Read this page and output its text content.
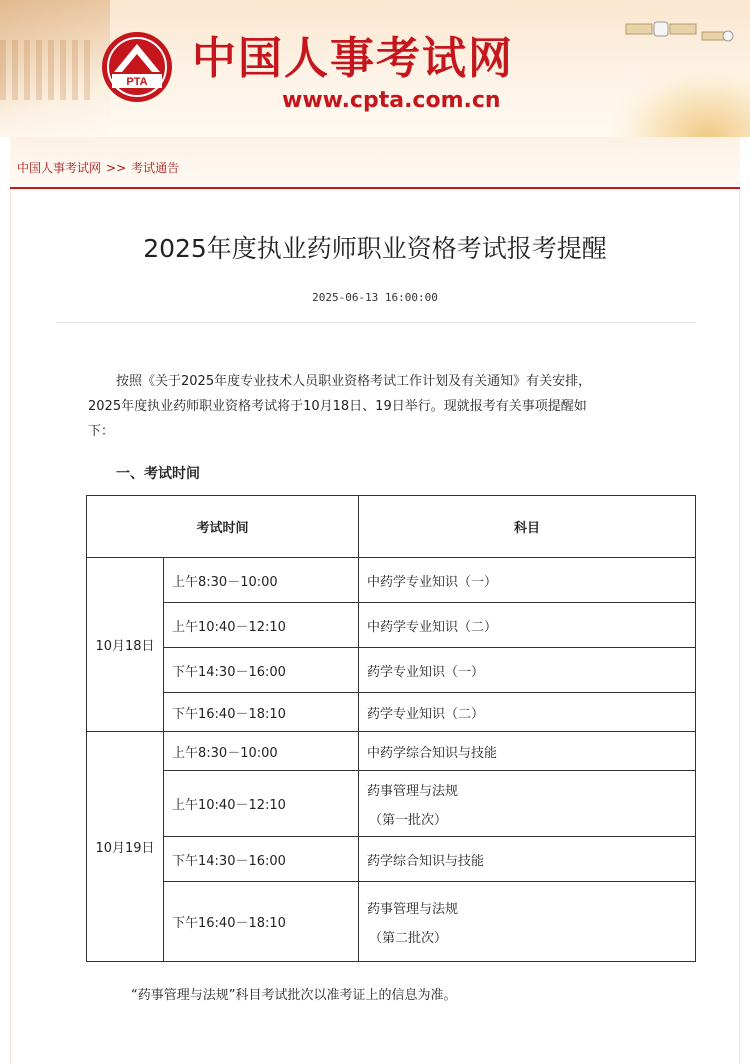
PTA 中国人事考试网
www.cpta.com.cn
中国人事考试网 >> 考试通告
2025年度执业药师职业资格考试报考提醒
2025-06-13 16:00:00
按照《关于2025年度专业技术人员职业资格考试工作计划及有关通知》有关安排，
2025年度执业药师职业资格考试将于10月18日、19日举行。现就报考有关事项提醒如
下：
一、考试时间
考试时间		科目
10月18日	上午8:30－10:00	中药学专业知识（一）
	上午10:40－12:10	中药学专业知识（二）
	下午14:30－16:00	药学专业知识（一）
	下午16:40－18:10	药学专业知识（二）
10月19日	上午8:30－10:00	中药学综合知识与技能
	上午10:40－12:10	药事管理与法规
（第一批次）

	下午14:30－16:00	药学综合知识与技能
	下午16:40－18:10	药事管理与法规
（第二批次）
“药事管理与法规”科目考试批次以准考证上的信息为准。
